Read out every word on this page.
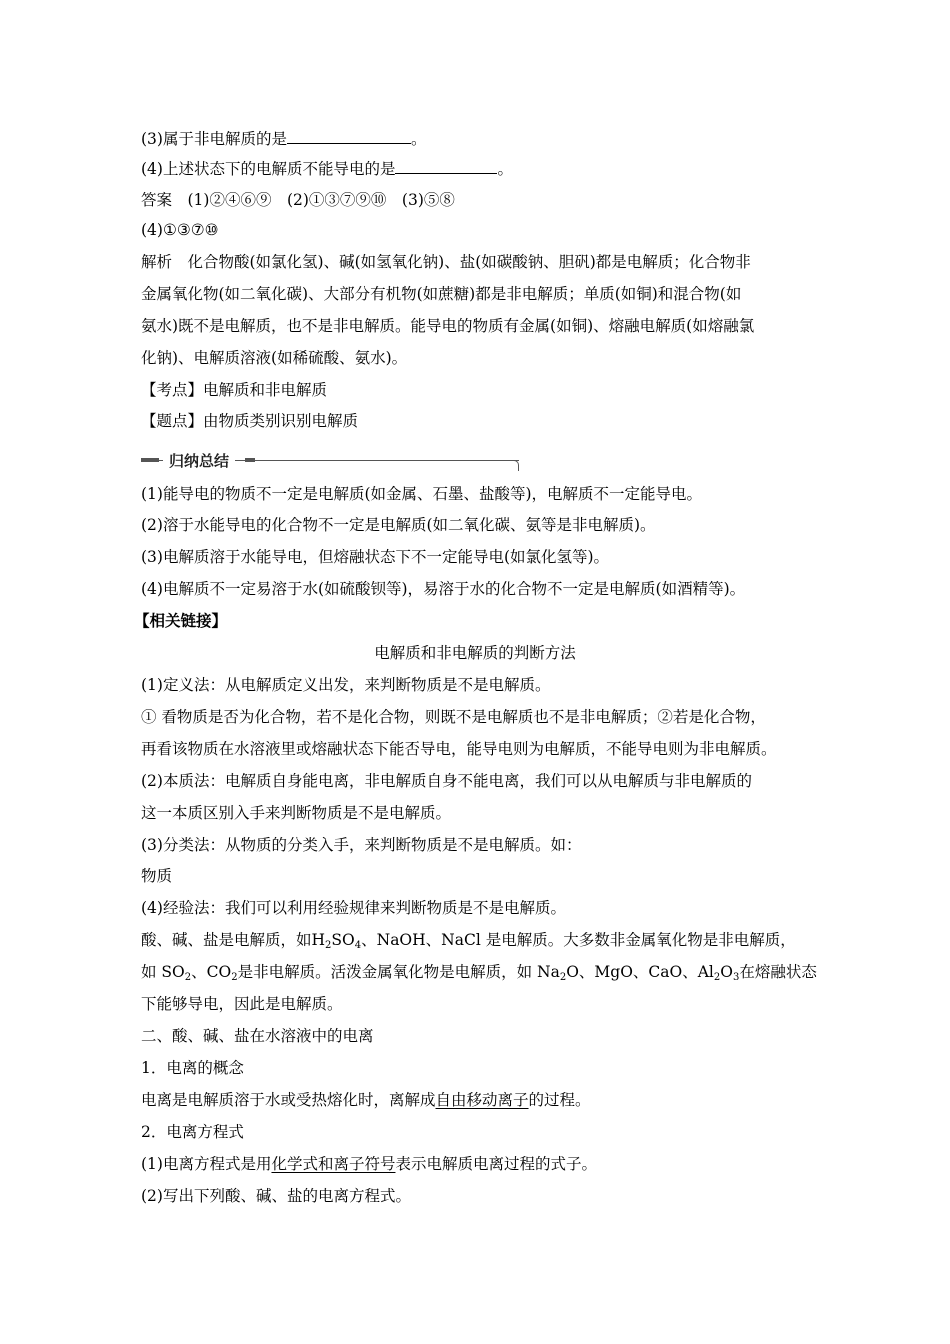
(3)属于非电解质的是	。
(4)上述状态下的电解质不能导电的是	。
答案　(1)②④⑥⑨　(2)①③⑦⑨⑩　(3)⑤⑧
(4)①③⑦⑩
解析　化合物酸(如氯化氢)、碱(如氢氧化钠)、盐(如碳酸钠、胆矾)都是电解质；化合物非
金属氧化物(如二氧化碳)、大部分有机物(如蔗糖)都是非电解质；单质(如铜)和混合物(如
氨水)既不是电解质，也不是非电解质。能导电的物质有金属(如铜)、熔融电解质(如熔融氯
化钠)、电解质溶液(如稀硫酸、氨水)。
【考点】电解质和非电解质
【题点】由物质类别识别电解质
归纳总结
(1)能导电的物质不一定是电解质(如金属、石墨、盐酸等)，电解质不一定能导电。
(2)溶于水能导电的化合物不一定是电解质(如二氧化碳、氨等是非电解质)。
(3)电解质溶于水能导电，但熔融状态下不一定能导电(如氯化氢等)。
(4)电解质不一定易溶于水(如硫酸钡等)，易溶于水的化合物不一定是电解质(如酒精等)。
【相关链接】
电解质和非电解质的判断方法
(1)定义法：从电解质定义出发，来判断物质是不是电解质。
① 看物质是否为化合物，若不是化合物，则既不是电解质也不是非电解质；②若是化合物，
再看该物质在水溶液里或熔融状态下能否导电，能导电则为电解质，不能导电则为非电解质。
(2)本质法：电解质自身能电离，非电解质自身不能电离，我们可以从电解质与非电解质的
这一本质区别入手来判断物质是不是电解质。
(3)分类法：从物质的分类入手，来判断物质是不是电解质。如：
物质
(4)经验法：我们可以利用经验规律来判断物质是不是电解质。
酸、碱、盐是电解质，如$H_2SO_4$、NaOH、NaCl 是电解质。大多数非金属氧化物是非电解质，
如 $SO_2$、$CO_2$是非电解质。活泼金属氧化物是电解质，如 $Na_2O$、MgO、CaO、$Al_2O_3$在熔融状态
下能够导电，因此是电解质。
二、酸、碱、盐在水溶液中的电离
1．电离的概念
电离是电解质溶于水或受热熔化时，离解成自由移动离子的过程。
2．电离方程式
(1)电离方程式是用化学式和离子符号表示电解质电离过程的式子。
(2)写出下列酸、碱、盐的电离方程式。
